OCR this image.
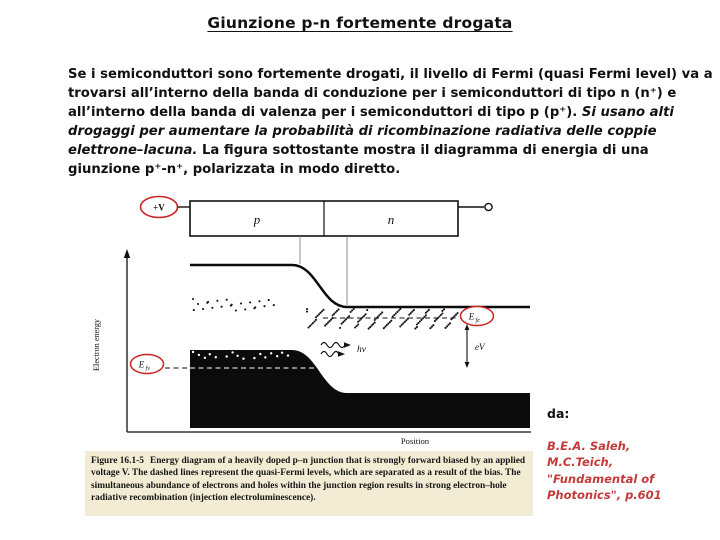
Giunzione p-n fortemente drogata

Se i semiconduttori sono fortemente drogati, il livello di Fermi (quasi Fermi level) va a trovarsi all’interno della banda di conduzione per i semiconduttori di tipo n (n⁺) e all’interno della banda di valenza per i semiconduttori di tipo p (p⁺). Si usano alti drogaggi per aumentare la probabilità di ricombinazione radiativa delle coppie elettrone–lacuna. La figura sottostante mostra il diagramma di energia di una giunzione p⁺-n⁺, polarizzata in modo diretto.

+V
p	n
Electron energy
Position
E fc
E fv
eV
hν
Figure 16.1-5 Energy diagram of a heavily doped p–n junction that is strongly forward biased by an applied voltage V. The dashed lines represent the quasi-Fermi levels, which are separated as a result of the bias. The simultaneous abundance of electrons and holes within the junction region results in strong electron–hole radiative recombination (injection electroluminescence).
da:
B.E.A. Saleh, M.C.Teich, "Fundamental of Photonics", p.601
